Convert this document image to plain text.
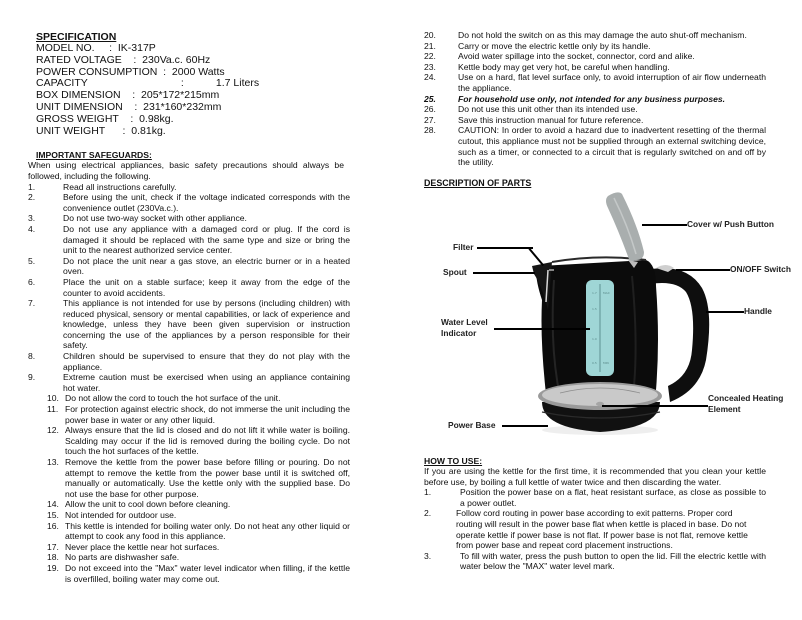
SPECIFICATION
MODEL NO.     :  IK-317P
RATED VOLTAGE    :  230Va.c. 60Hz
POWER CONSUMPTION  :  2000 Watts
CAPACITY                                :           1.7 Liters
BOX DIMENSION    :  205*172*215mm
UNIT DIMENSION    :  231*160*232mm
GROSS WEIGHT    :  0.98kg.
UNIT WEIGHT      :  0.81kg.
IMPORTANT SAFEGUARDS:
When using electrical appliances, basic safety precautions should always be followed, including the following.
1.	Read all instructions carefully.
2.	Before using the unit, check if the voltage indicated corresponds with the convenience outlet (230Va.c.).
3.	Do not use two-way socket with other appliance.
4.	Do not use any appliance with a damaged cord or plug. If the cord is damaged it should be replaced with the same type and size or bring the unit to the nearest authorized service center.
5.	Do not place the unit near a gas stove, an electric burner or in a heated oven.
6.	Place the unit on a stable surface; keep it away from the edge of the counter to avoid accidents.
7.	This appliance is not intended for use by persons (including children) with reduced physical, sensory or mental capabilities, or lack of experience and knowledge, unless they have been given supervision or instruction concerning the use of the appliances by a person responsible for their safety.
8.	Children should be supervised to ensure that they do not play with the appliance.
9.	Extreme caution must be exercised when using an appliance containing hot water.
10. Do not allow the cord to touch the hot surface of the unit.
11. For protection against electric shock, do not immerse the unit including the power base in water or any other liquid.
12. Always ensure that the lid is closed and do not lift it while water is boiling. Scalding may occur if the lid is removed during the boiling cycle. Do not touch the hot surfaces of the kettle.
13. Remove the kettle from the power base before filling or pouring. Do not attempt to remove the kettle from the power base until it is switched off, manually or automatically. Use the kettle only with the supplied base. Do not use the base for other purpose.
14. Allow the unit to cool down before cleaning.
15. Not intended for outdoor use.
16. This kettle is intended for boiling water only. Do not heat any other liquid or attempt to cook any food in this appliance.
17. Never place the kettle near hot surfaces.
18. No parts are dishwasher safe.
19. Do not exceed into the "Max" water level indicator when filling, if the kettle is overfilled, boiling water may come out.
20.	Do not hold the switch on as this may damage the auto shut-off mechanism.
21.	Carry or move the electric kettle only by its handle.
22.	Avoid water spillage into the socket, connector, cord and alike.
23.	Kettle body may get very hot, be careful when handling.
24.	Use on a hard, flat level surface only, to avoid interruption of air flow underneath the appliance.
25.	For household use only, not intended for any business purposes.
26.	Do not use this unit other than its intended use.
27.	Save this instruction manual for future reference.
28.	CAUTION: In order to avoid a hazard due to inadvertent resetting of the thermal cutout, this appliance must not be supplied through an external switching device, such as a timer, or connected to a circuit that is regularly switched on and off by the utility.
DESCRIPTION OF PARTS
1.7 MAX
1.5
1.0
0.5 MIN
Cover w/ Push Button
Filter
Spout	ON/OFF Switch
Handle
Water Level
Indicator
Concealed Heating
Element
Power Base
HOW TO USE:
If you are using the kettle for the first time, it is recommended that you clean your kettle before use, by boiling a full kettle of water twice and then discarding the water.
1.	Position the power base on a flat, heat resistant surface, as close as possible to a power outlet.
2.	Follow cord routing in power base according to exit patterns. Proper cord routing will result in the power base flat when kettle is placed in base. Do not operate kettle if power base is not flat. If power base is not flat, remove kettle from power base and repeat cord placement instructions.
3.	To fill with water, press the push button to open the lid. Fill the electric kettle with water below the "MAX" water level mark.
